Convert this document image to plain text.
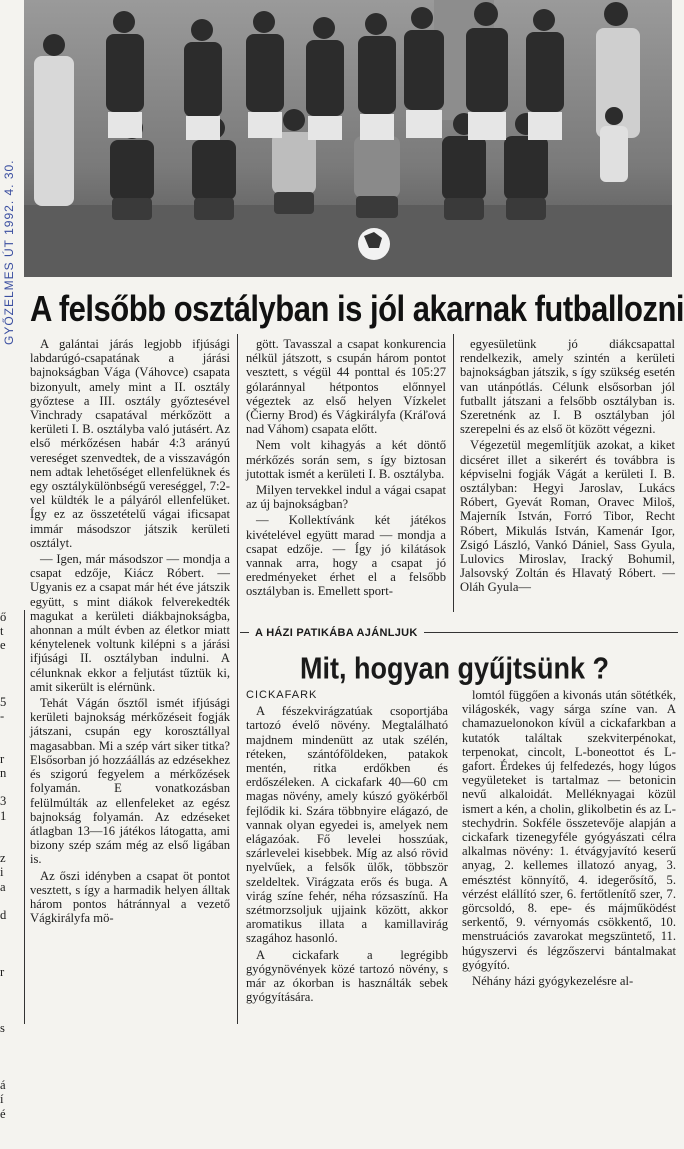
GYŐZELMES ÚT 1992. 4. 30. A felsőbb osztályban is jól akarnak futballozni

A galántai járás legjobb ifjúsági labdarúgó-csapatának a járási bajnokságban Vága (Váhovce) csapata bizonyult, amely mint a II. osztály győztese a III. osztály győztesével Vinchrady csapatával mérkőzött a kerületi I. B. osztályba való jutásért. Az első mérkőzésen habár 4:3 arányú vereséget szenvedtek, de a visszavágón nem adtak lehetőséget ellenfelüknek és egy osztálykülönbségű vereséggel, 7:2-vel küldték le a pályáról ellenfelüket. Így ez az összetételű vágai ificsapat immár másodszor játszik kerületi osztályt.

— Igen, már másodszor — mondja a csapat edzője, Kiácz Róbert. — Ugyanis ez a csapat már hét éve játszik együtt, s mint diákok felverekedték magukat a kerületi diákbajnokságba, ahonnan a múlt évben az életkor miatt kénytelenek voltunk kilépni s a járási ifjúsági II. osztályban indulni. A célunknak ekkor a feljutást tűztük ki, amit sikerült is elérnünk.

Tehát Vágán ősztől ismét ifjúsági kerületi bajnokság mérkőzéseit fogják játszani, csupán egy korosztállyal magasabban. Mi a szép várt siker titka? Elsősorban jó hozzáállás az edzésekhez és szigorú fegyelem a mérkőzések folyamán. E vonatkozásban felülmúlták az ellenfeleket az egész bajnokság folyamán. Az edzéseket átlagban 13—16 játékos látogatta, ami bizony szép szám még az első ligában is.

Az őszi idényben a csapat öt pontot vesztett, s így a harmadik helyen álltak három pontos hátránnyal a vezető Vágkirályfa mö-

gött. Tavasszal a csapat konkurencia nélkül játszott, s csupán három pontot vesztett, s végül 44 ponttal és 105:27 gólaránnyal hétpontos előnnyel végeztek az első helyen Vízkelet (Čierny Brod) és Vágkirályfa (Kráľová nad Váhom) csapata előtt.

Nem volt kihagyás a két döntő mérkőzés során sem, s így biztosan jutottak ismét a kerületi I. B. osztályba.

Milyen tervekkel indul a vágai csapat az új bajnokságban?

— Kollektívánk két játékos kivételével együtt marad — mondja a csapat edzője. — Így jó kilátások vannak arra, hogy a csapat jó eredményeket érhet el a felsőbb osztályban is. Emellett sport-

egyesületünk jó diákcsapattal rendelkezik, amely szintén a kerületi bajnokságban játszik, s így szükség esetén van utánpótlás. Célunk elsősorban jól futballt játszani a felsőbb osztályban is. Szeretnénk az I. B osztályban jól szerepelni és az első öt között végezni.

Végezetül megemlítjük azokat, a kiket dicséret illet a sikerért és továbbra is képviselni fogják Vágát a kerületi I. B. osztályban: Hegyi Jaroslav, Lukács Róbert, Gyevát Roman, Oravec Miloš, Majerník István, Forró Tibor, Recht Róbert, Mikulás István, Kamenár Igor, Zsigó László, Vankó Dániel, Sass Gyula, Lulovics Miroslav, Iracký Bohumil, Jalsovský Zoltán és Hlavatý Róbert. —Oláh Gyula—

ő
t
e
5
-
r
n
3
1
z
i
a
d
r
s
á
í
é
A HÁZI PATIKÁBA AJÁNLJUK
Mit, hogyan gyűjtsünk ?

CICKAFARK

A fészekvirágzatúak csoportjába tartozó évelő növény. Megtalálható majdnem mindenütt az utak szélén, réteken, szántóföldeken, patakok mentén, ritka erdőkben és erdőszéleken. A cickafark 40—60 cm magas növény, amely kúszó gyökérből fejlődik ki. Szára többnyire elágazó, de vannak olyan egyedei is, amelyek nem elágazóak. Fő levelei hosszúak, szárlevelei kisebbek. Míg az alsó rövid nyelvűek, a felsők ülők, többször szeldeltek. Virágzata erős és buga. A virág színe fehér, néha rózsaszínű. Ha szétmorzsoljuk ujjaink között, akkor aromatikus illata a kamillavirág szagához hasonló.

A cickafark a legrégibb gyógynövények közé tartozó növény, s már az ókorban is használták sebek gyógyítására.

lomtól függően a kivonás után sötétkék, világoskék, vagy sárga színe van. A chamazuelonokon kívül a cickafarkban a kutatók találtak szekviterpénokat, terpenokat, cincolt, L-boneottot és L-gafort. Érdekes új felfedezés, hogy lúgos vegyületeket is tartalmaz — betonicin nevű alkaloidát. Melléknyagai közül ismert a kén, a cholin, glikolbetin és az L-stechydrin. Sokféle összetevője alapján a cickafark tizenegyféle gyógyászati célra alkalmas növény: 1. étvágyjavító keserű anyag, 2. kellemes illatozó anyag, 3. emésztést könnyítő, 4. idegerősítő, 5. vérzést elállító szer, 6. fertőtlenítő szer, 7. görcsoldó, 8. epe- és májműködést serkentő, 9. vérnyomás csökkentő, 10. menstruációs zavarokat megszüntető, 11. húgyszervi és légzőszervi bántalmakat gyógyító.

Néhány házi gyógykezelésre al-
